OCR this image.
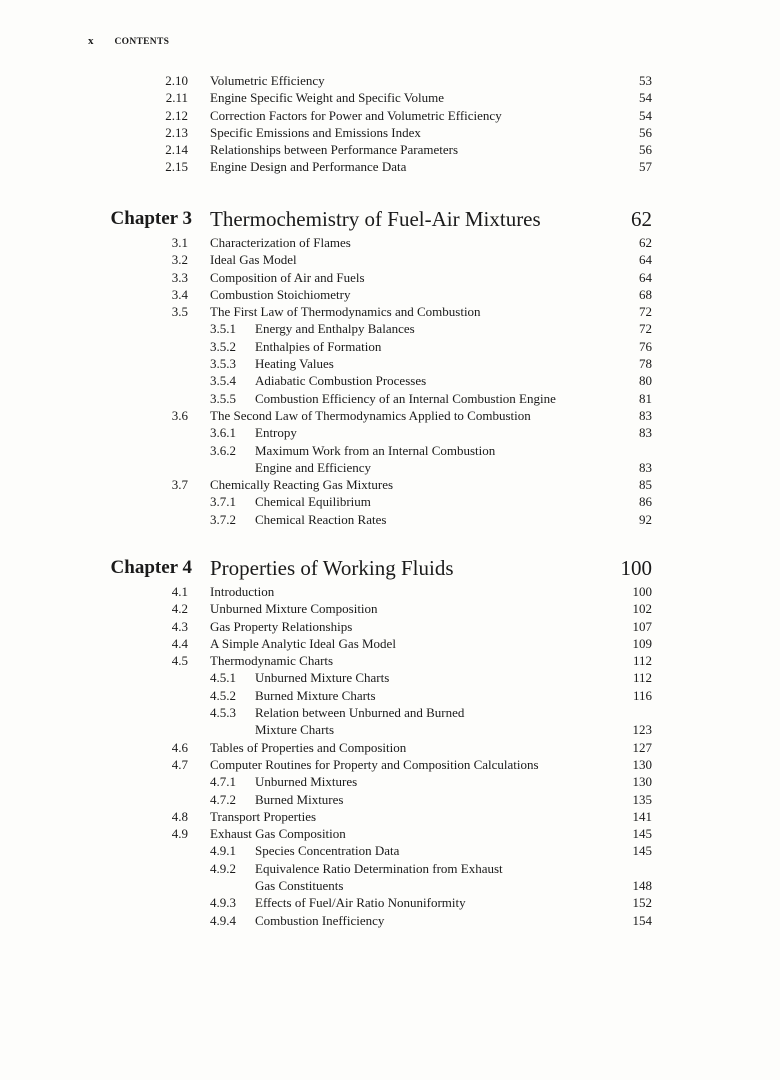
x CONTENTS
2.10 Volumetric Efficiency	53
2.11 Engine Specific Weight and Specific Volume	54
2.12 Correction Factors for Power and Volumetric Efficiency	54
2.13 Specific Emissions and Emissions Index	56
2.14 Relationships between Performance Parameters	56
2.15 Engine Design and Performance Data	57
Chapter 3 Thermochemistry of Fuel-Air Mixtures	62
3.1 Characterization of Flames	62
3.2 Ideal Gas Model	64
3.3 Composition of Air and Fuels	64
3.4 Combustion Stoichiometry	68
3.5 The First Law of Thermodynamics and Combustion	72
3.5.1 Energy and Enthalpy Balances	72
3.5.2 Enthalpies of Formation	76
3.5.3 Heating Values	78
3.5.4 Adiabatic Combustion Processes	80
3.5.5 Combustion Efficiency of an Internal Combustion Engine	81
3.6 The Second Law of Thermodynamics Applied to Combustion	83
3.6.1 Entropy	83
3.6.2 Maximum Work from an Internal Combustion
Engine and Efficiency	83
3.7 Chemically Reacting Gas Mixtures	85
3.7.1 Chemical Equilibrium	86
3.7.2 Chemical Reaction Rates	92
Chapter 4 Properties of Working Fluids	100
4.1 Introduction	100
4.2 Unburned Mixture Composition	102
4.3 Gas Property Relationships	107
4.4 A Simple Analytic Ideal Gas Model	109
4.5 Thermodynamic Charts	112
4.5.1 Unburned Mixture Charts	112
4.5.2 Burned Mixture Charts	116
4.5.3 Relation between Unburned and Burned
Mixture Charts	123
4.6 Tables of Properties and Composition	127
4.7 Computer Routines for Property and Composition Calculations	130
4.7.1 Unburned Mixtures	130
4.7.2 Burned Mixtures	135
4.8 Transport Properties	141
4.9 Exhaust Gas Composition	145
4.9.1 Species Concentration Data	145
4.9.2 Equivalence Ratio Determination from Exhaust
Gas Constituents	148
4.9.3 Effects of Fuel/Air Ratio Nonuniformity	152
4.9.4 Combustion Inefficiency	154
